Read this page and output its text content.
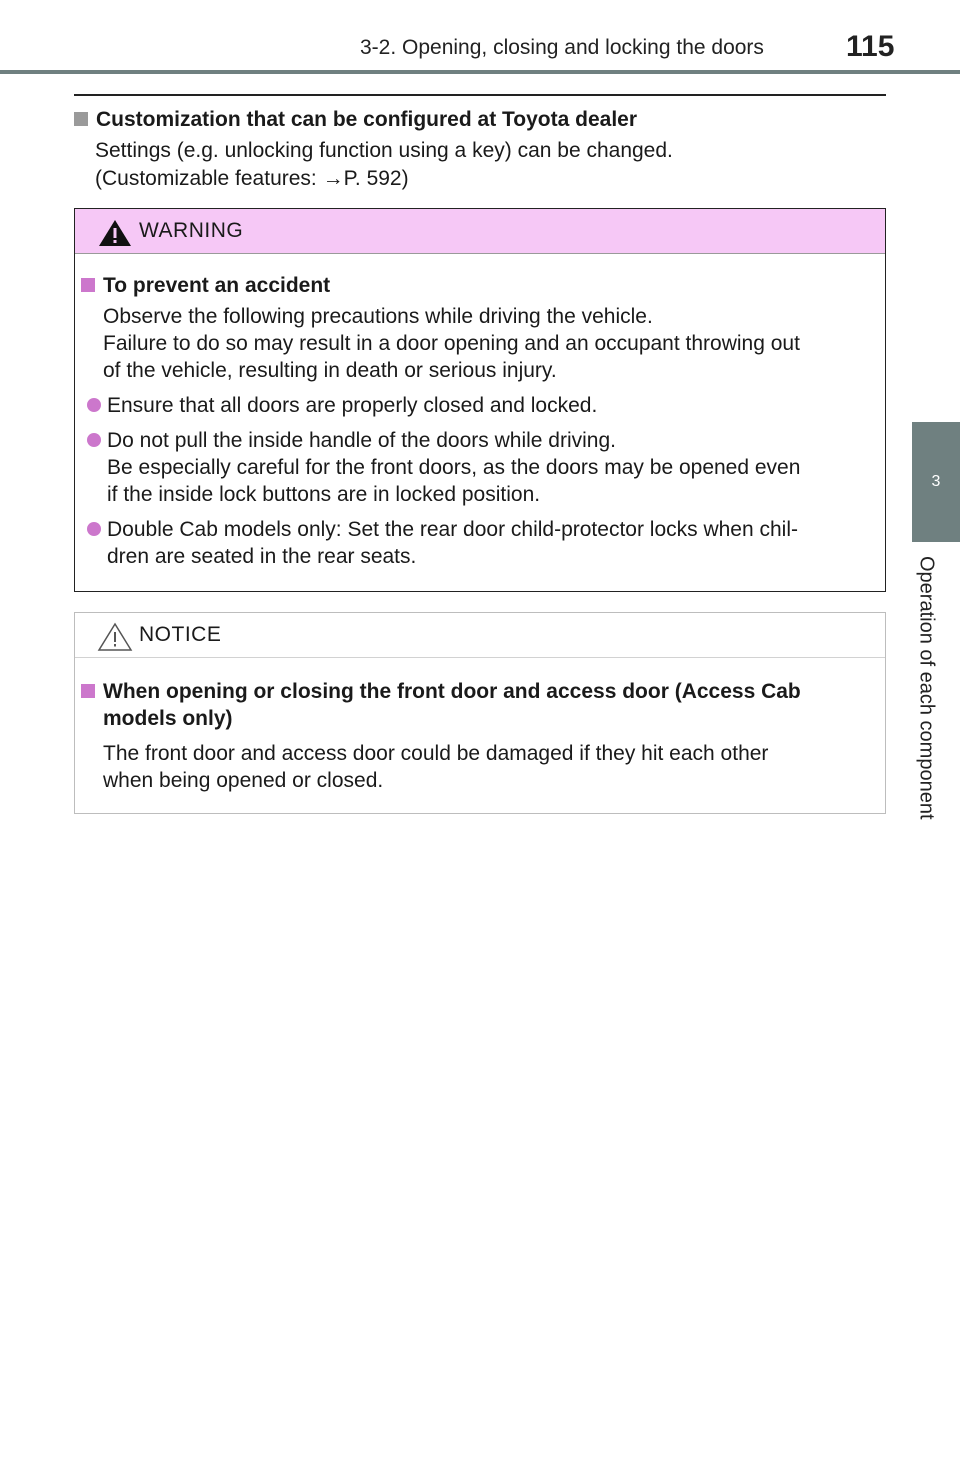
3-2. Opening, closing and locking the doors	115
3
Operation of each component
Customization that can be configured at Toyota dealer
Settings (e.g. unlocking function using a key) can be changed.
(Customizable features: →P. 592)
WARNING
To prevent an accident
Observe the following precautions while driving the vehicle.
Failure to do so may result in a door opening and an occupant throwing out
of the vehicle, resulting in death or serious injury.
Ensure that all doors are properly closed and locked.
Do not pull the inside handle of the doors while driving.
Be especially careful for the front doors, as the doors may be opened even
if the inside lock buttons are in locked position.
Double Cab models only: Set the rear door child-protector locks when chil-
dren are seated in the rear seats.
NOTICE
When opening or closing the front door and access door (Access Cab
models only)
The front door and access door could be damaged if they hit each other
when being opened or closed.
